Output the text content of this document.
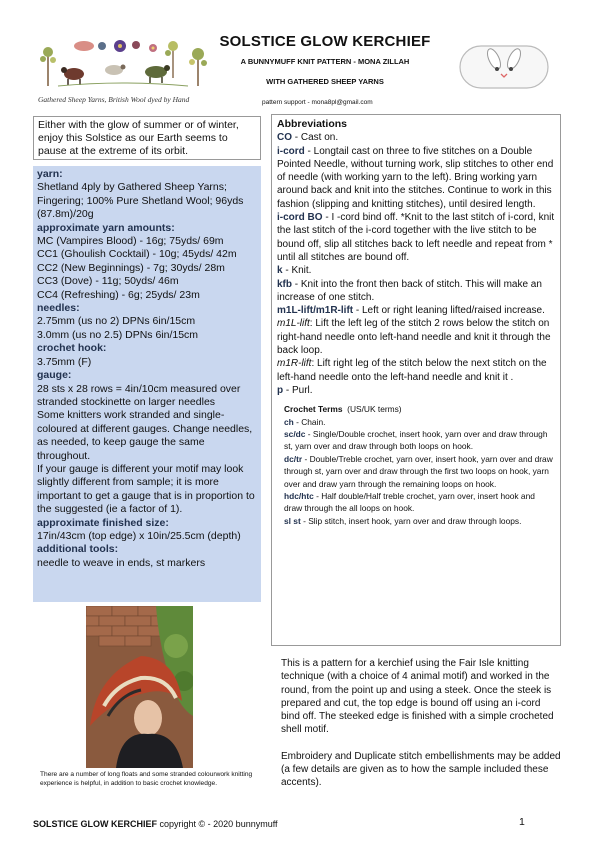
Gathered Sheep Yarns, British Wool dyed by Hand
SOLSTICE GLOW KERCHIEF
A BUNNYMUFF KNIT PATTERN - MONA ZILLAH
WITH GATHERED SHEEP YARNS
pattern support - mona8pl@gmail.com
Either with the glow of summer or of winter, enjoy this Solstice as our Earth seems to pause at the extreme of its orbit.

yarn:

Shetland 4ply by Gathered Sheep Yarns; Fingering; 100% Pure Shetland Wool; 96yds (87.8m)/20g

approximate yarn amounts:

MC (Vampires Blood) - 16g; 75yds/ 69m

CC1 (Ghoulish Cocktail) - 10g; 45yds/ 42m

CC2 (New Beginnings) - 7g; 30yds/ 28m

CC3 (Dove) - 11g; 50yds/ 46m

CC4 (Refreshing) - 6g; 25yds/ 23m

needles:

2.75mm (us no 2) DPNs 6in/15cm

3.0mm (us no 2.5) DPNs 6in/15cm

crochet hook:

3.75mm (F)

gauge:

28 sts x 28 rows = 4in/10cm measured over stranded stockinette on larger needles

Some knitters work stranded and single-coloured at different gauges. Change needles, as needed, to keep gauge the same throughout.

If your gauge is different your motif may look slightly different from sample; it is more important to get a gauge that is in proportion to the suggested (ie a factor of 1).

approximate finished size:

17in/43cm (top edge) x 10in/25.5cm (depth)

additional tools:

needle to weave in ends, st markers

There are a number of long floats and some stranded colourwork knitting experience is helpful, in addition to basic crochet knowledge.

Abbreviations

CO - Cast on.

i-cord - Longtail cast on three to five stitches on a Double Pointed Needle, without turning work, slip stitches to other end of needle (with working yarn to the left). Bring working yarn around back and knit into the stitches. Continue to work in this fashion (slipping and knitting stitches), until desired length.

i-cord BO - I -cord bind off. *Knit to the last stitch of i-cord, knit the last stitch of the i-cord together with the live stitch to be bound off, slip all stitches back to left needle and repeat from * until all stitches are bound off.

k - Knit.

kfb - Knit into the front then back of stitch. This will make an increase of one stitch.

m1L-lift/m1R-lift - Left or right leaning lifted/raised increase.

m1L-lift: Lift the left leg of the stitch 2 rows below the stitch on right-hand needle onto left-hand needle and knit it through the back loop.

m1R-lift: Lift right leg of the stitch below the next stitch on the left-hand needle onto the left-hand needle and knit it .

p - Purl.

Crochet Terms (US/UK terms)

ch - Chain.

sc/dc - Single/Double crochet, insert hook, yarn over and draw through st, yarn over and draw through both loops on hook.

dc/tr - Double/Treble crochet, yarn over, insert hook, yarn over and draw through st, yarn over and draw through the first two loops on hook, yarn over and draw yarn through the remaining loops on hook.

hdc/htc - Half double/Half treble crochet, yarn over, insert hook and draw through the all loops on hook.

sl st - Slip stitch, insert hook, yarn over and draw through loops.

This is a pattern for a kerchief using the Fair Isle knitting technique (with a choice of 4 animal motif) and worked in the round, from the point up and using a steek. Once the steek is prepared and cut, the top edge is bound off using an i-cord bind off. The steeked edge is finished with a simple crocheted shell motif.

Embroidery and Duplicate stitch embellishments may be added (a few details are given as to how the sample included these accents).

SOLSTICE GLOW KERCHIEF copyright © - 2020 bunnymuff	1
